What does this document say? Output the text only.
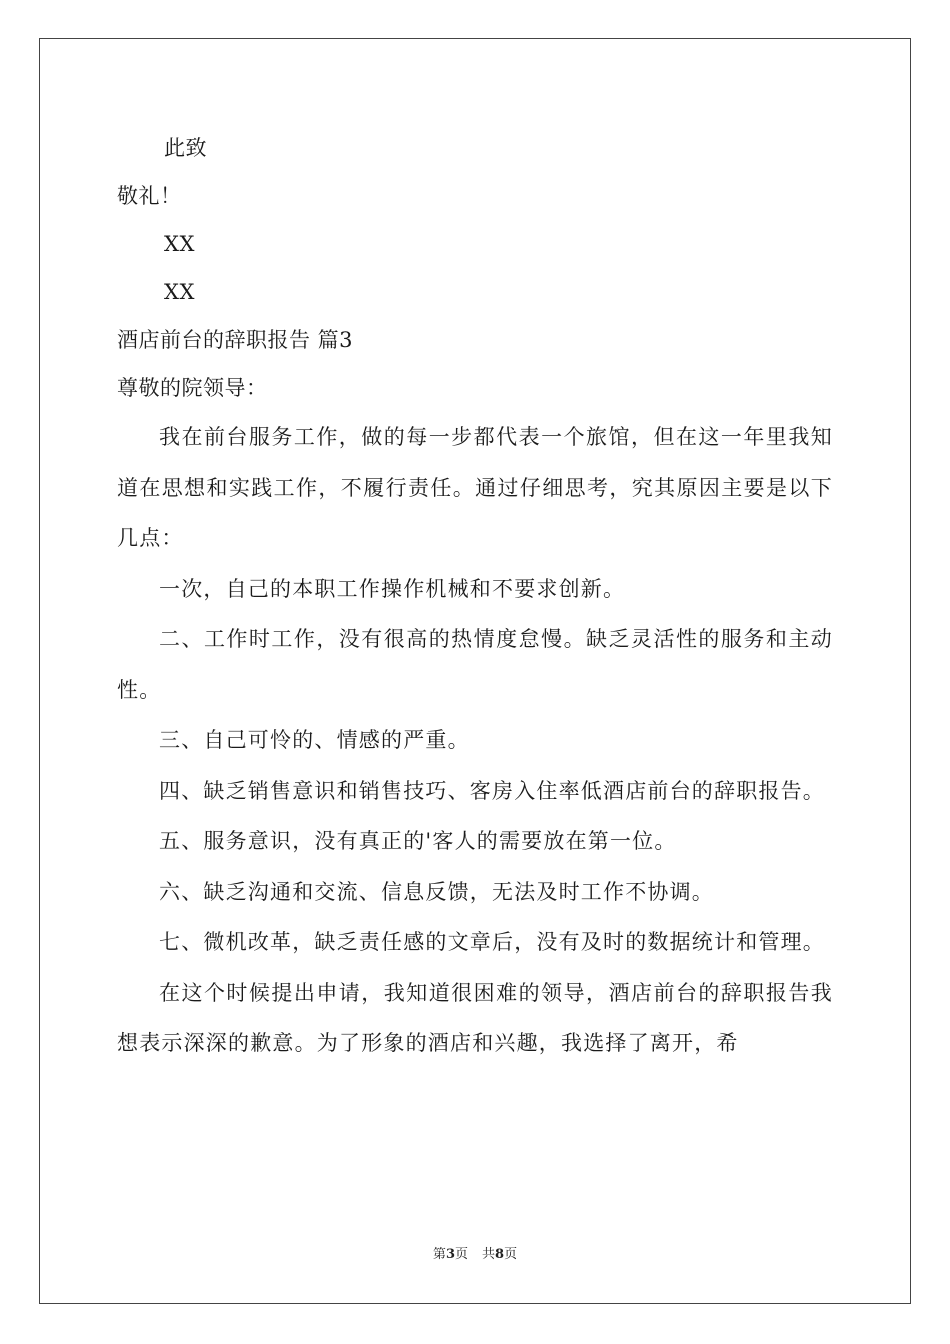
此致
敬礼！
XX
XX
酒店前台的辞职报告 篇3
尊敬的院领导：

我在前台服务工作，做的每一步都代表一个旅馆，但在这一年里我知道在思想和实践工作，不履行责任。通过仔细思考，究其原因主要是以下几点：

一次，自己的本职工作操作机械和不要求创新。

二、工作时工作，没有很高的热情度怠慢。缺乏灵活性的服务和主动性。

三、自己可怜的、情感的严重。

四、缺乏销售意识和销售技巧、客房入住率低酒店前台的辞职报告。

五、服务意识，没有真正的'客人的需要放在第一位。

六、缺乏沟通和交流、信息反馈，无法及时工作不协调。

七、微机改革，缺乏责任感的文章后，没有及时的数据统计和管理。

在这个时候提出申请，我知道很困难的领导，酒店前台的辞职报告我想表示深深的歉意。为了形象的酒店和兴趣，我选择了离开，希

第3页 共8页
